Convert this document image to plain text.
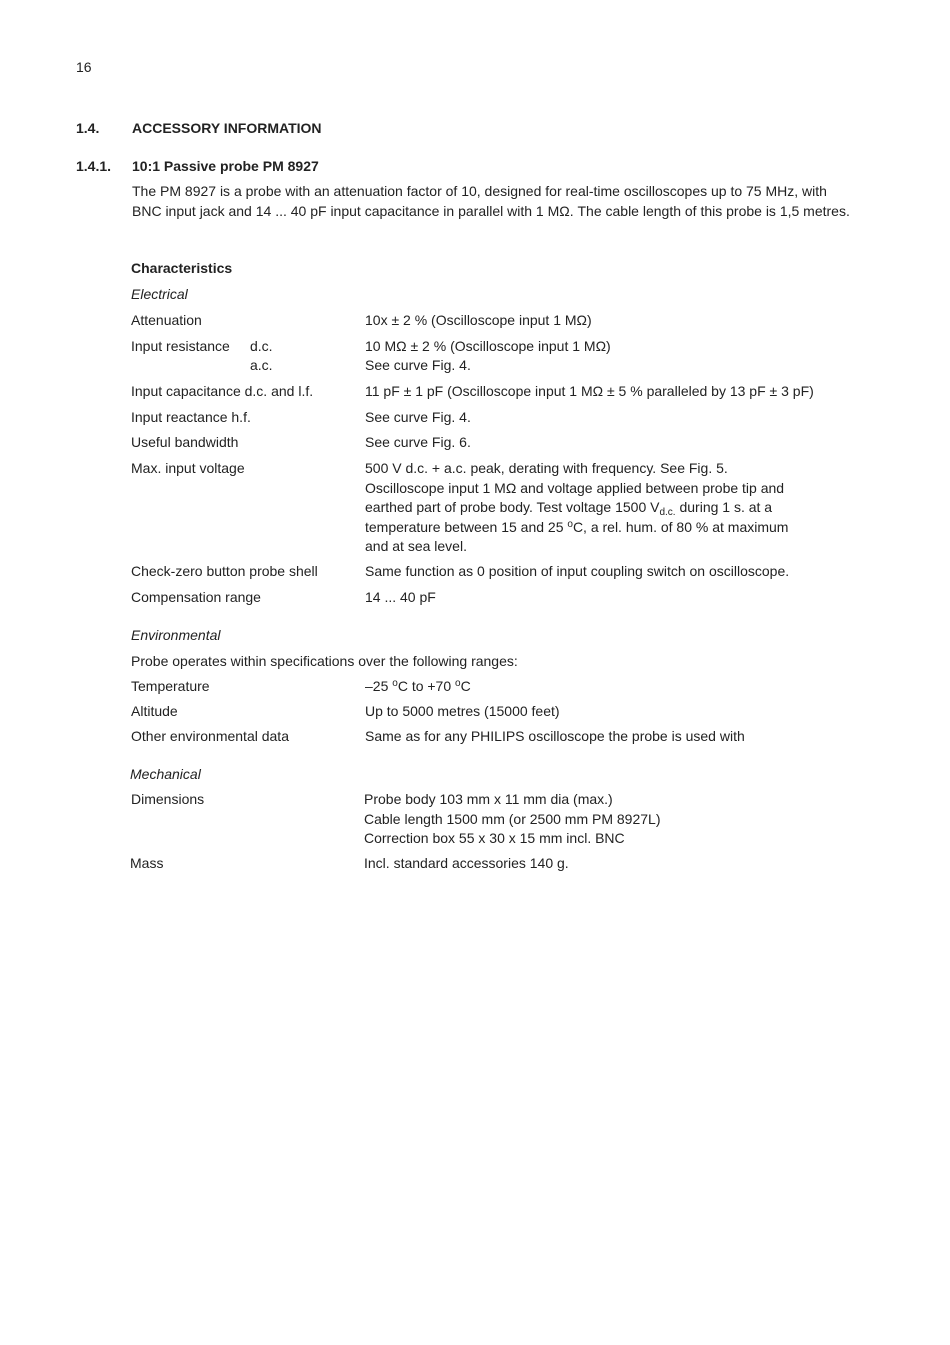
16
1.4. ACCESSORY INFORMATION
1.4.1. 10:1 Passive probe PM 8927
The PM 8927 is a probe with an attenuation factor of 10, designed for real-time oscilloscopes up to 75 MHz, with BNC input jack and 14 ... 40 pF input capacitance in parallel with 1 MΩ. The cable length of this probe is 1,5 metres.
Characteristics
Electrical
Attenuation	10x ± 2 % (Oscilloscope input 1 MΩ)
Input resistance d.c.	10 MΩ ± 2 % (Oscilloscope input 1 MΩ)
a.c.	See curve Fig. 4.
Input capacitance d.c. and l.f.	11 pF ± 1 pF (Oscilloscope input 1 MΩ ± 5 % paralleled by 13 pF ± 3 pF)
Input reactance h.f.	See curve Fig. 4.
Useful bandwidth	See curve Fig. 6.
Max. input voltage	500 V d.c. + a.c. peak, derating with frequency. See Fig. 5.
Oscilloscope input 1 MΩ and voltage applied between probe tip and
earthed part of probe body. Test voltage 1500 $V_{d.c.}$ during 1 s. at a
temperature between 15 and 25 $^o$C, a rel. hum. of 80 % at maximum
and at sea level.
Check-zero button probe shell	Same function as 0 position of input coupling switch on oscilloscope.
Compensation range	14 ... 40 pF
Environmental
Probe operates within specifications over the following ranges:
Temperature	–25 $^o$C to +70 $^o$C
Altitude	Up to 5000 metres (15000 feet)
Other environmental data	Same as for any PHILIPS oscilloscope the probe is used with
Mechanical
Dimensions	Probe body 103 mm x 11 mm dia (max.)
Cable length 1500 mm (or 2500 mm PM 8927L)
Correction box 55 x 30 x 15 mm incl. BNC
Mass	Incl. standard accessories 140 g.
